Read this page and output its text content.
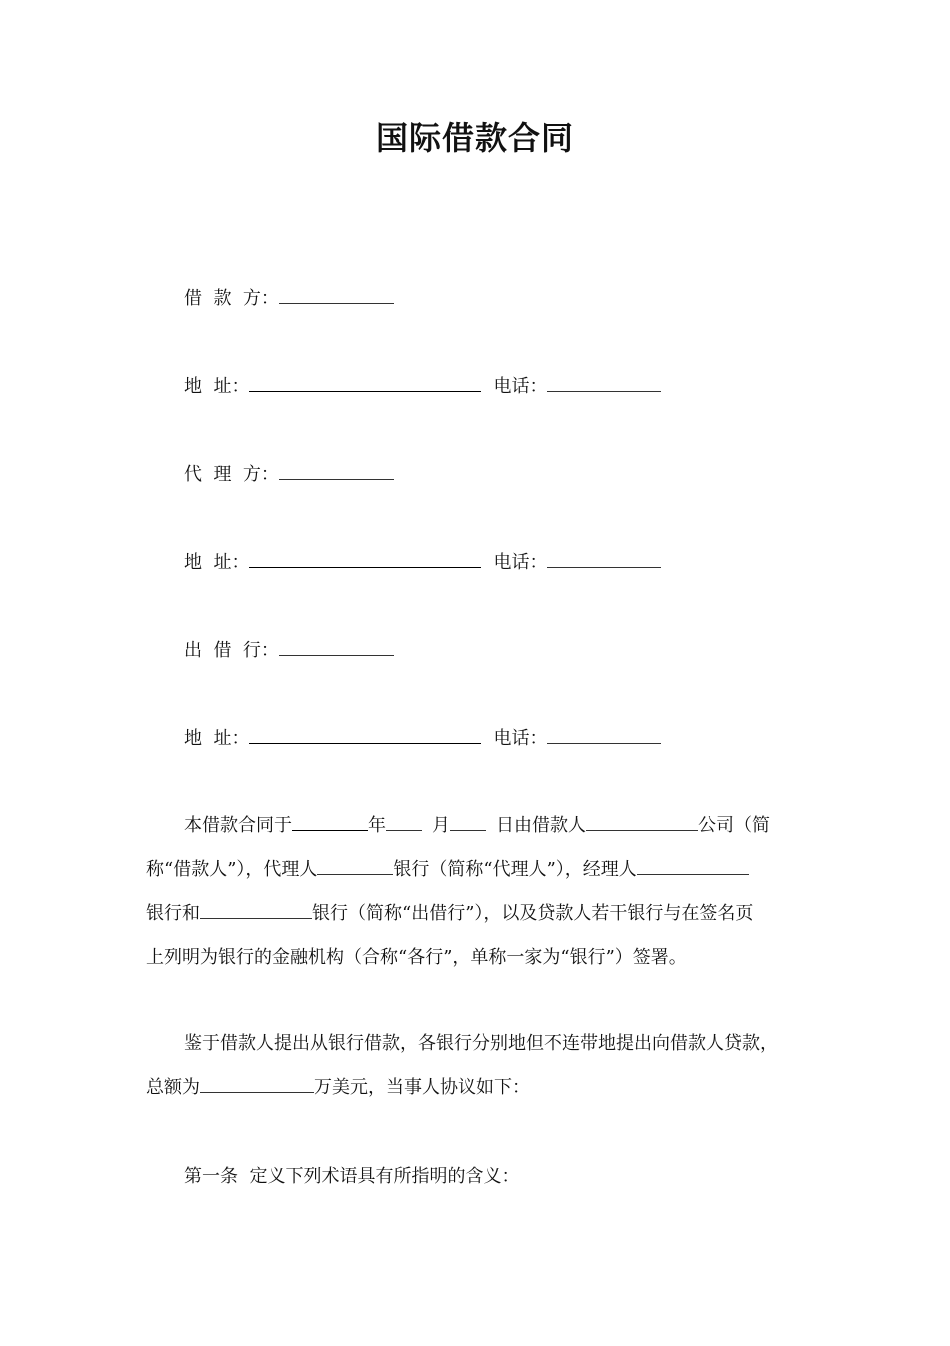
国际借款合同
借  款  方：
地  址：	电话：
代  理  方：
地  址：	电话：
出  借  行：
地  址：	电话：
本借款合同于	年	月	日由借款人	公司（简
称“借款人”），代理人	银行（简称“代理人”），经理人
银行和	银行（简称“出借行”），以及贷款人若干银行与在签名页
上列明为银行的金融机构（合称“各行”，单称一家为“银行”）签署。
鉴于借款人提出从银行借款，各银行分别地但不连带地提出向借款人贷款，
总额为	万美元，当事人协议如下：
第一条  定义下列术语具有所指明的含义：
